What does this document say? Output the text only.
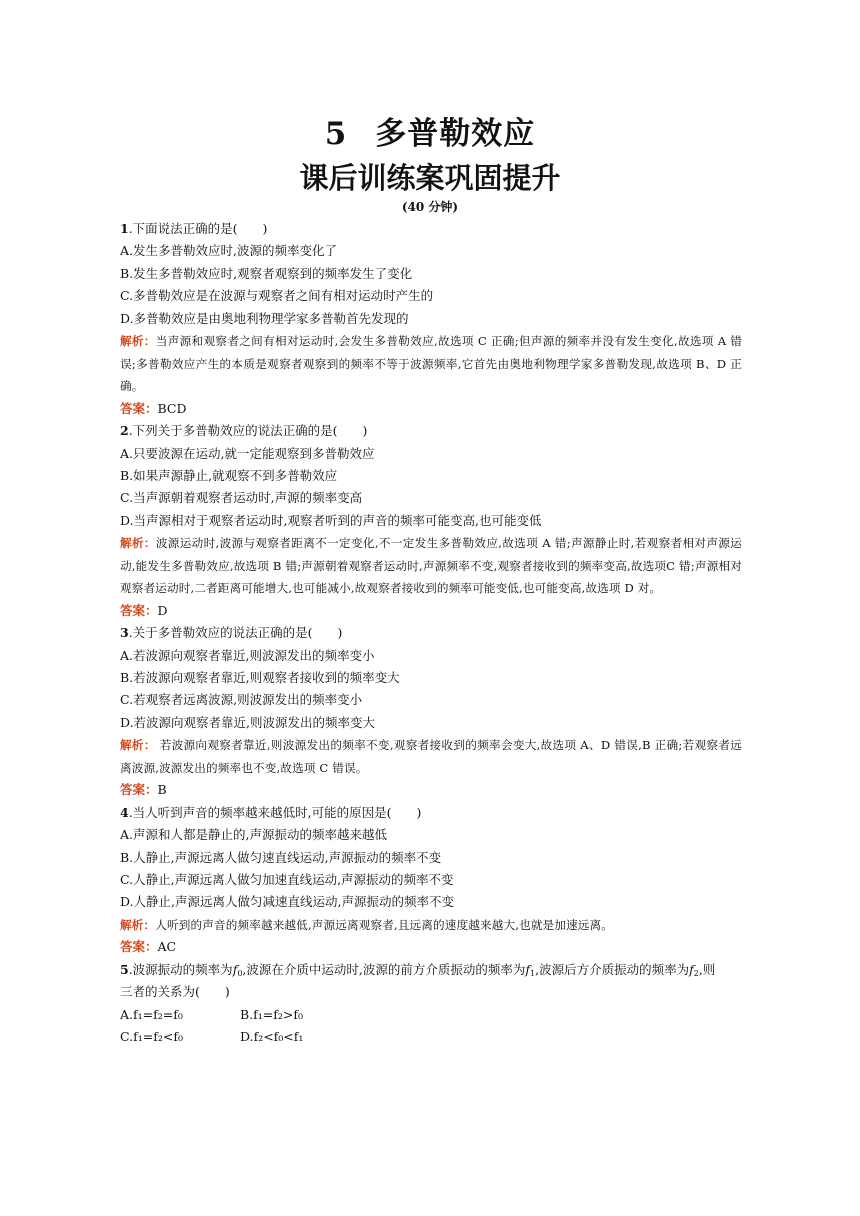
5 多普勒效应
课后训练案巩固提升
(40 分钟)
1.下面说法正确的是(　　)
A.发生多普勒效应时,波源的频率变化了
B.发生多普勒效应时,观察者观察到的频率发生了变化
C.多普勒效应是在波源与观察者之间有相对运动时产生的
D.多普勒效应是由奥地利物理学家多普勒首先发现的

解析：当声源和观察者之间有相对运动时,会发生多普勒效应,故选项 C 正确;但声源的频率并没有发生变化,故选项 A 错误;多普勒效应产生的本质是观察者观察到的频率不等于波源频率,它首先由奥地利物理学家多普勒发现,故选项 B、D 正确。

答案：BCD
2.下列关于多普勒效应的说法正确的是(　　)
A.只要波源在运动,就一定能观察到多普勒效应
B.如果声源静止,就观察不到多普勒效应
C.当声源朝着观察者运动时,声源的频率变高
D.当声源相对于观察者运动时,观察者听到的声音的频率可能变高,也可能变低

解析：波源运动时,波源与观察者距离不一定变化,不一定发生多普勒效应,故选项 A 错;声源静止时,若观察者相对声源运动,能发生多普勒效应,故选项 B 错;声源朝着观察者运动时,声源频率不变,观察者接收到的频率变高,故选项C 错;声源相对观察者运动时,二者距离可能增大,也可能减小,故观察者接收到的频率可能变低,也可能变高,故选项 D 对。

答案：D
3.关于多普勒效应的说法正确的是(　　)
A.若波源向观察者靠近,则波源发出的频率变小
B.若波源向观察者靠近,则观察者接收到的频率变大
C.若观察者远离波源,则波源发出的频率变小
D.若波源向观察者靠近,则波源发出的频率变大

解析： 若波源向观察者靠近,则波源发出的频率不变,观察者接收到的频率会变大,故选项 A、D 错误,B 正确;若观察者远离波源,波源发出的频率也不变,故选项 C 错误。

答案：B
4.当人听到声音的频率越来越低时,可能的原因是(　　)
A.声源和人都是静止的,声源振动的频率越来越低
B.人静止,声源远离人做匀速直线运动,声源振动的频率不变
C.人静止,声源远离人做匀加速直线运动,声源振动的频率不变
D.人静止,声源远离人做匀减速直线运动,声源振动的频率不变

解析：人听到的声音的频率越来越低,声源远离观察者,且远离的速度越来越大,也就是加速远离。

答案：AC
5.波源振动的频率为$f_0$,波源在介质中运动时,波源的前方介质振动的频率为$f_1$,波源后方介质振动的频率为$f_2$,则
三者的关系为(　　)
A.f₁=f₂=f₀	B.f₁=f₂>f₀
C.f₁=f₂<f₀	D.f₂<f₀<f₁
